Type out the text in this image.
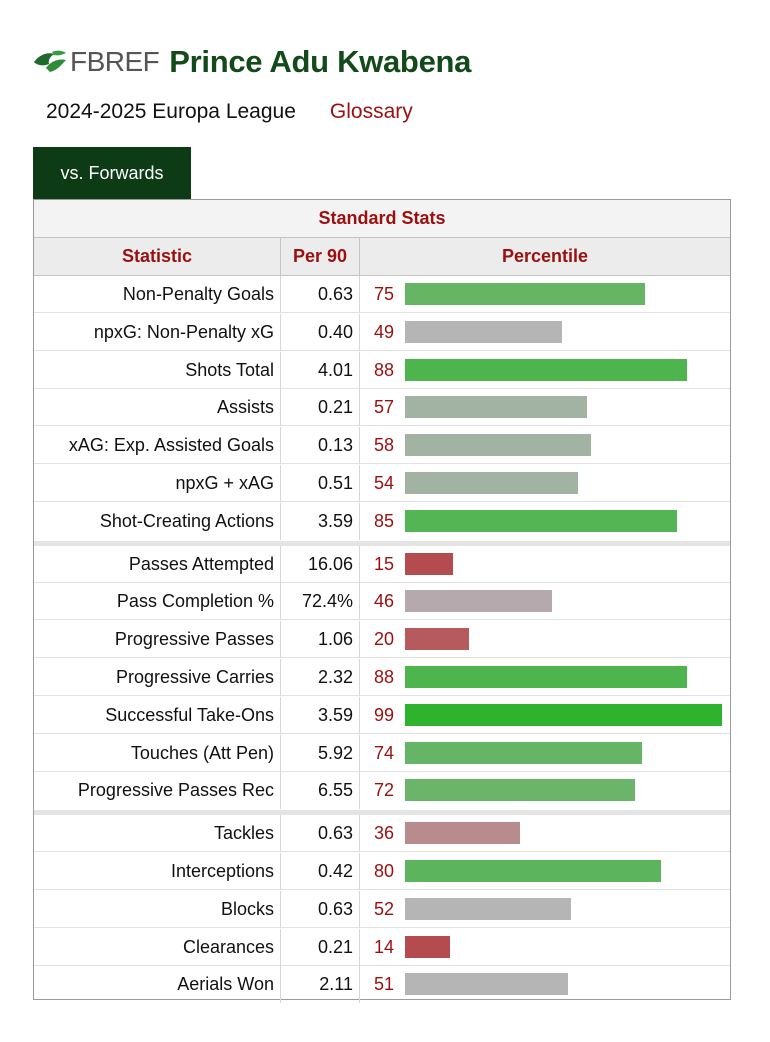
FBREF Prince Adu Kwabena
2024-2025 Europa League Glossary
vs. Forwards
Standard Stats
Statistic	Per 90	Percentile
Non-Penalty Goals	0.63	75
npxG: Non-Penalty xG	0.40	49
Shots Total	4.01	88
Assists	0.21	57
xAG: Exp. Assisted Goals	0.13	58
npxG + xAG	0.51	54
Shot-Creating Actions	3.59	85
Passes Attempted	16.06	15
Pass Completion %	72.4%	46
Progressive Passes	1.06	20
Progressive Carries	2.32	88
Successful Take-Ons	3.59	99
Touches (Att Pen)	5.92	74
Progressive Passes Rec	6.55	72
Tackles	0.63	36
Interceptions	0.42	80
Blocks	0.63	52
Clearances	0.21	14
Aerials Won	2.11	51
